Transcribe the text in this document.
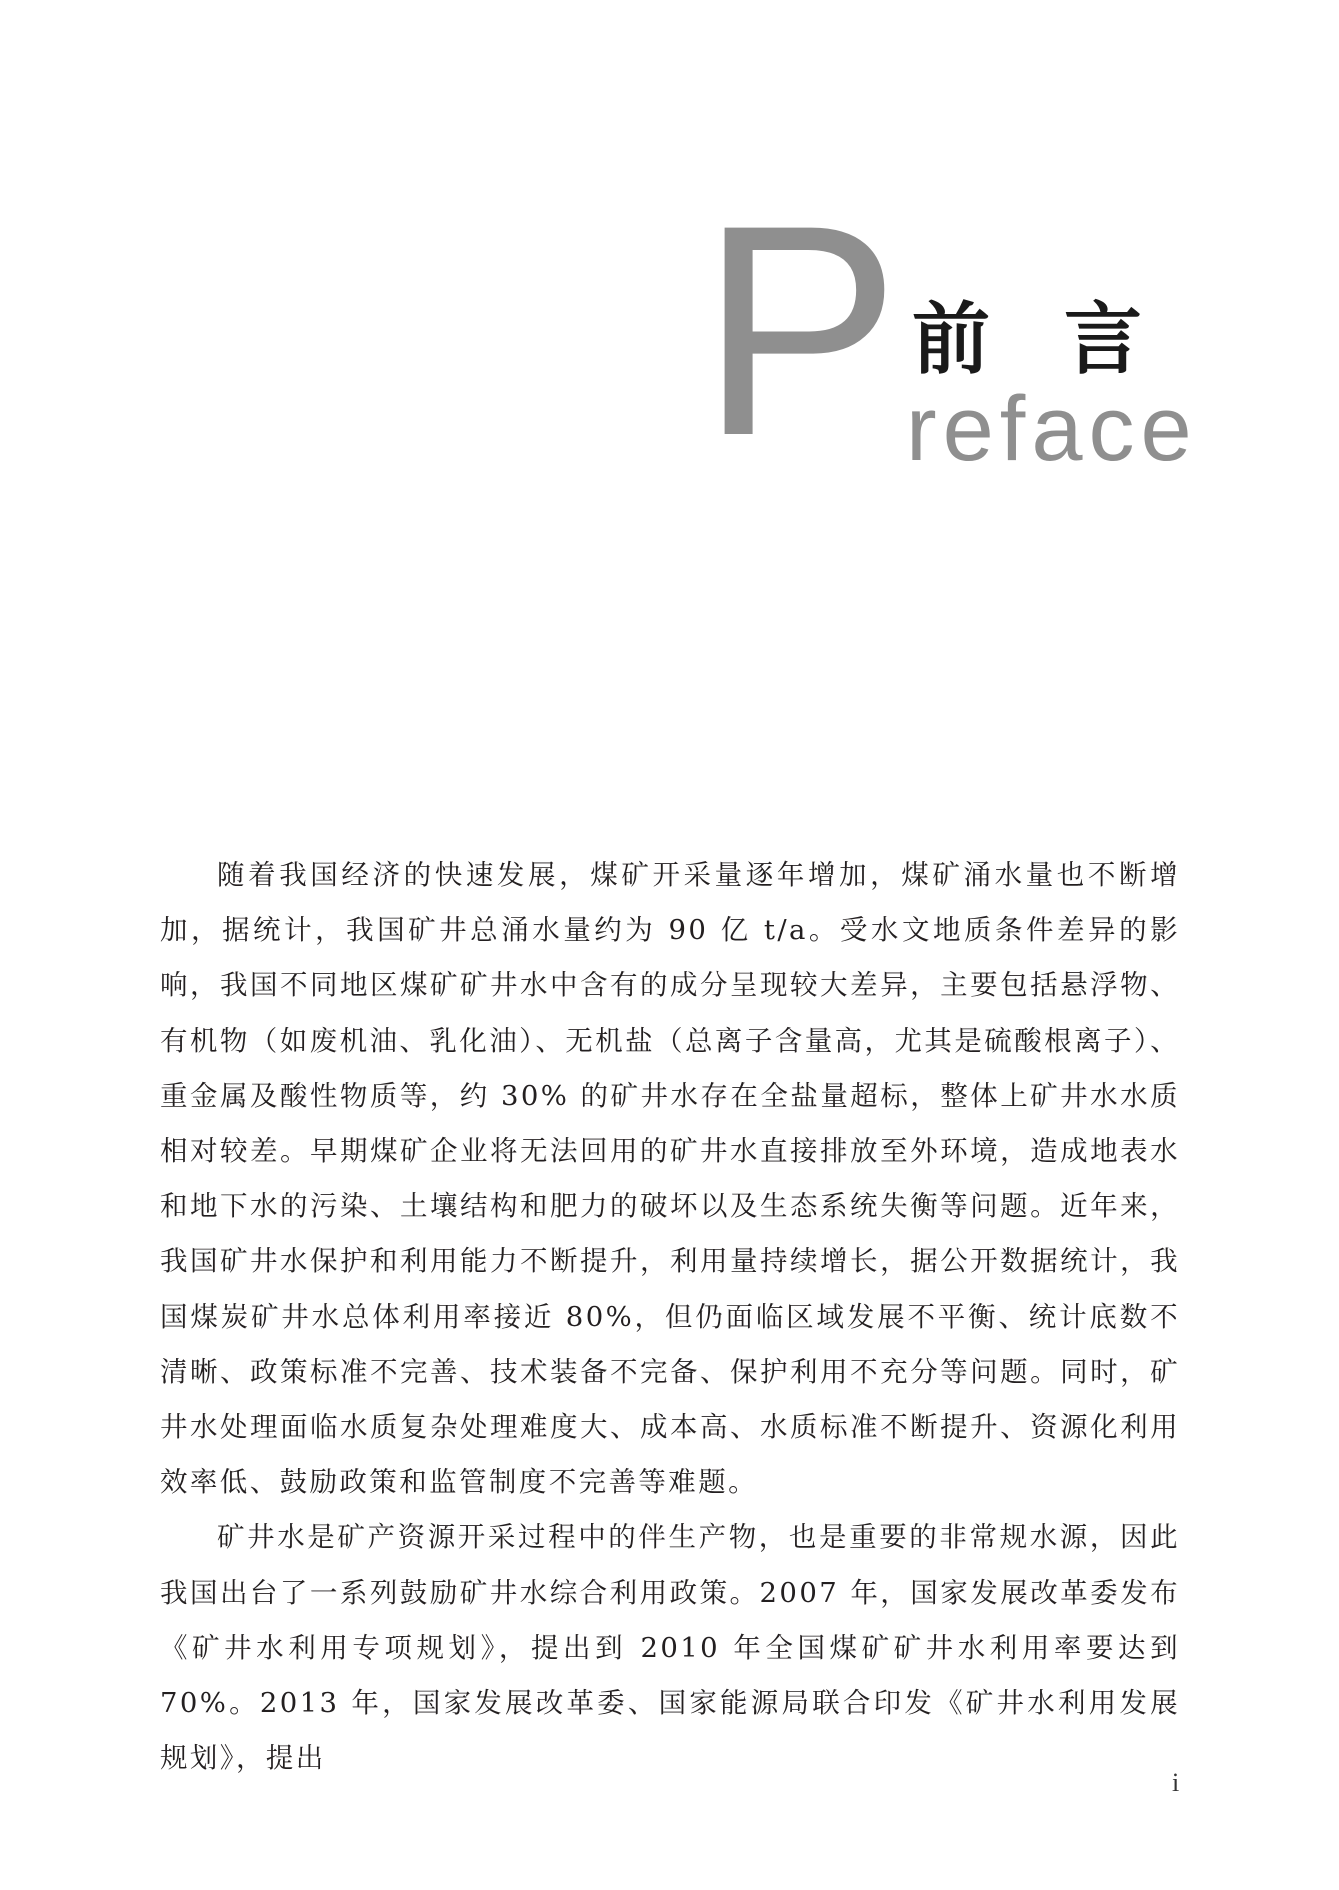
P 前言
reface

随着我国经济的快速发展，煤矿开采量逐年增加，煤矿涌水量也不断增加，据统计，我国矿井总涌水量约为 90 亿 t/a。受水文地质条件差异的影响，我国不同地区煤矿矿井水中含有的成分呈现较大差异，主要包括悬浮物、有机物（如废机油、乳化油）、无机盐（总离子含量高，尤其是硫酸根离子）、重金属及酸性物质等，约 30% 的矿井水存在全盐量超标，整体上矿井水水质相对较差。早期煤矿企业将无法回用的矿井水直接排放至外环境，造成地表水和地下水的污染、土壤结构和肥力的破坏以及生态系统失衡等问题。近年来，我国矿井水保护和利用能力不断提升，利用量持续增长，据公开数据统计，我国煤炭矿井水总体利用率接近 80%，但仍面临区域发展不平衡、统计底数不清晰、政策标准不完善、技术装备不完备、保护利用不充分等问题。同时，矿井水处理面临水质复杂处理难度大、成本高、水质标准不断提升、资源化利用效率低、鼓励政策和监管制度不完善等难题。

矿井水是矿产资源开采过程中的伴生产物，也是重要的非常规水源，因此我国出台了一系列鼓励矿井水综合利用政策。2007 年，国家发展改革委发布《矿井水利用专项规划》，提出到 2010 年全国煤矿矿井水利用率要达到 70%。2013 年，国家发展改革委、国家能源局联合印发《矿井水利用发展规划》，提出

i
